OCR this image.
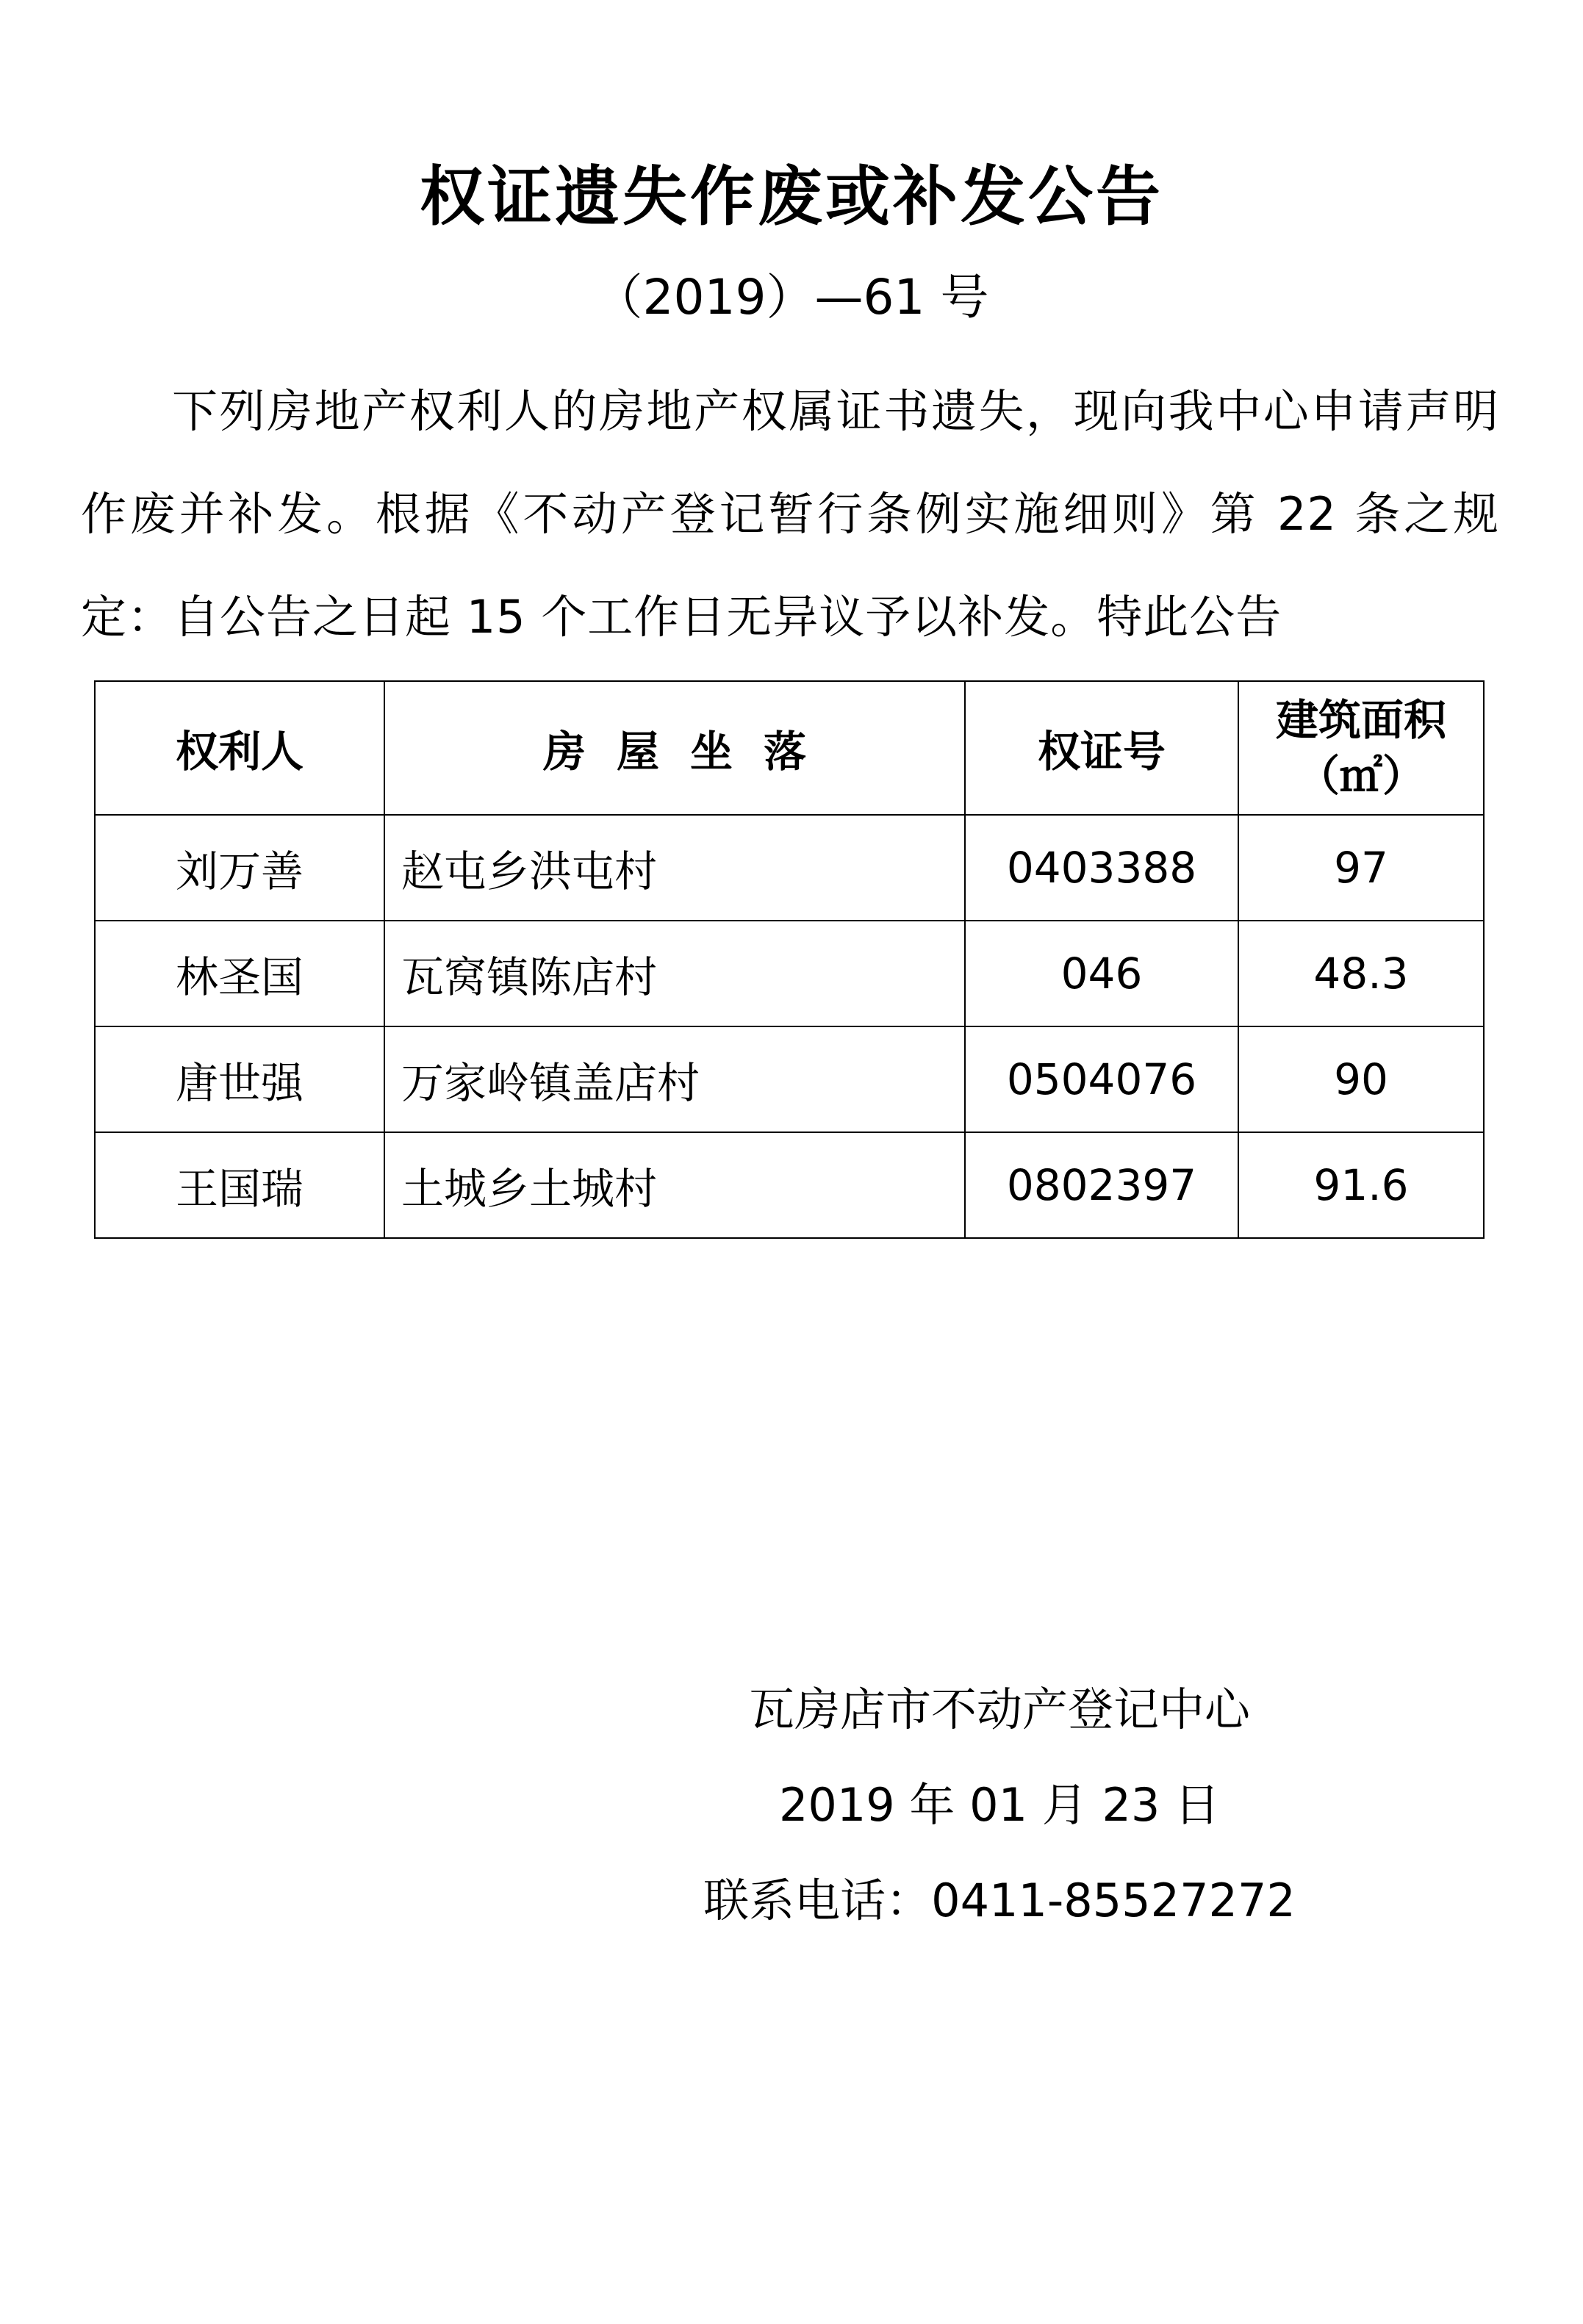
权证遗失作废或补发公告
（2019）—61 号
下列房地产权利人的房地产权属证书遗失，现向我中心申请声明作废并补发。根据《不动产登记暂行条例实施细则》第 22 条之规定：自公告之日起 15 个工作日无异议予以补发。特此公告
权利人	房屋坐落	权证号	建筑面积
（㎡）

刘万善	赵屯乡洪屯村	0403388	97
林圣国	瓦窝镇陈店村	046	48.3
唐世强	万家岭镇盖店村	0504076	90
王国瑞	土城乡土城村	0802397	91.6
瓦房店市不动产登记中心
2019 年 01 月 23 日
联系电话：0411-85527272
